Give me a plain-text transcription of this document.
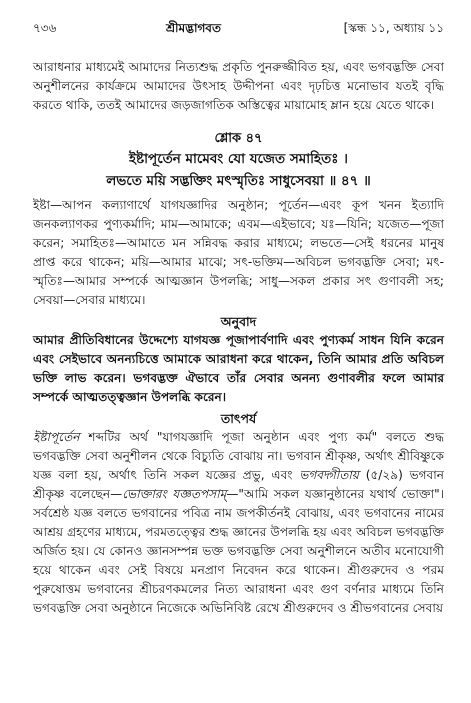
৭৩৬	শ্রীমদ্ভাগবত	[স্কন্ধ ১১, অধ্যায় ১১

আরাধনার মাধ্যমেই আমাদের নিত্যশুদ্ধ প্রকৃতি পুনরুজ্জীবিত হয়, এবং ভগবদ্ভক্তি সেবা অনুশীলনের কার্যক্রমে আমাদের উৎসাহ উদ্দীপনা এবং দৃঢ়চিত্ত মনোভাব যতই বৃদ্ধি করতে থাকি, ততই আমাদের জড়জাগতিক অস্তিত্বের মায়ামোহ ম্লান হয়ে যেতে থাকে।

শ্লোক ৪৭
ইষ্টাপূর্তেন মামেবং যো যজেত সমাহিতঃ ।
লভতে ময়ি সদ্ভক্তিং মৎস্মৃতিঃ সাধুসেবয়া ॥ ৪৭ ॥

ইষ্টা—আপন কল্যাণার্থে যাগযজ্ঞাদির অনুষ্ঠান; পূর্তেন—এবং কূপ খনন ইত্যাদি জনকল্যাণকর পুণ্যকর্মাদি; মাম—আমাকে; এবম—এইভাবে; যঃ—যিনি; যজেত—পূজা করেন; সমাহিতঃ—আমাতে মন সন্নিবদ্ধ করার মাধ্যমে; লভতে—সেই ধরনের মানুষ প্রাপ্ত করে থাকেন; ময়ি—আমার মাঝে; সৎ-ভক্তিম—অবিচল ভগবদ্ভক্তি সেবা; মৎ-স্মৃতিঃ—আমার সম্পর্কে আত্মজ্ঞান উপলব্ধি; সাধু—সকল প্রকার সৎ গুণাবলী সহ; সেবয়া—সেবার মাধ্যমে।

অনুবাদ

আমার প্রীতিবিধানের উদ্দেশ্যে যাগযজ্ঞ পূজাপার্বণাদি এবং পুণ্যকর্ম সাধন যিনি করেন এবং সেইভাবে অনন্যচিত্তে আমাকে আরাধনা করে থাকেন, তিনি আমার প্রতি অবিচল ভক্তি লাভ করেন। ভগবদ্ভক্ত ঐভাবে তাঁর সেবার অনন্য গুণাবলীর ফলে আমার সম্পর্কে আত্মতত্ত্বজ্ঞান উপলব্ধি করেন।

তাৎপর্য

ইষ্টাপূর্তেন শব্দটির অর্থ "যাগযজ্ঞাদি পূজা অনুষ্ঠান এবং পুণ্য কর্ম" বলতে শুদ্ধ ভগবদ্ভক্তি সেবা অনুশীলন থেকে বিচ্যুতি বোঝায় না। ভগবান শ্রীকৃষ্ণ, অর্থাৎ শ্রীবিষ্ণুকে যজ্ঞ বলা হয়, অর্থাৎ তিনি সকল যজ্ঞের প্রভু, এবং ভগবদ্গীতায় (৫/২৯) ভগবান শ্রীকৃষ্ণ বলেছেন—ভোক্তারং যজ্ঞতপসাম্—"আমি সকল যজ্ঞানুষ্ঠানের যথার্থ ভোক্তা"। সর্বশ্রেষ্ঠ যজ্ঞ বলতে ভগবানের পবিত্র নাম জপকীর্তনই বোঝায়, এবং ভগবানের নামের আশ্রয় গ্রহণের মাধ্যমে, পরমতত্ত্বের শুদ্ধ জ্ঞানের উপলব্ধি হয় এবং অবিচল ভগবদ্ভক্তি অর্জিত হয়। যে কোনও জ্ঞানসম্পন্ন ভক্ত ভগবদ্ভক্তি সেবা অনুশীলনে অতীব মনোযোগী হয়ে থাকেন এবং সেই বিষয়ে মনপ্রাণ নিবেদন করে থাকেন। শ্রীগুরুদেব ও পরম পুরুষোত্তম ভগবানের শ্রীচরণকমলের নিত্য আরাধনা এবং গুণ বর্ণনার মাধ্যমে তিনি ভগবদ্ভক্তি সেবা অনুষ্ঠানে নিজেকে অভিনিবিষ্ট রেখে শ্রীগুরুদেব ও শ্রীভগবানের সেবায়
